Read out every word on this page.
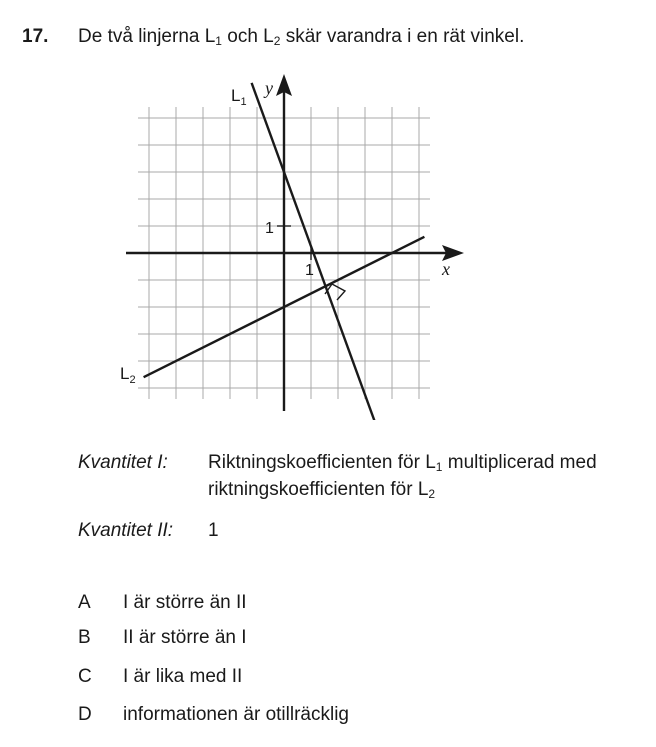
17. De två linjerna $L_1$ och $L_2$ skär varandra i en rät vinkel.
x
y
1
1
$L_1$
$L_2$
Kvantitet I: Riktningskoefficienten för $L_1$ multiplicerad med
riktningskoefficienten för $L_2$
Kvantitet II: 1
A I är större än II
B II är större än I
C I är lika med II
D informationen är otillräcklig
